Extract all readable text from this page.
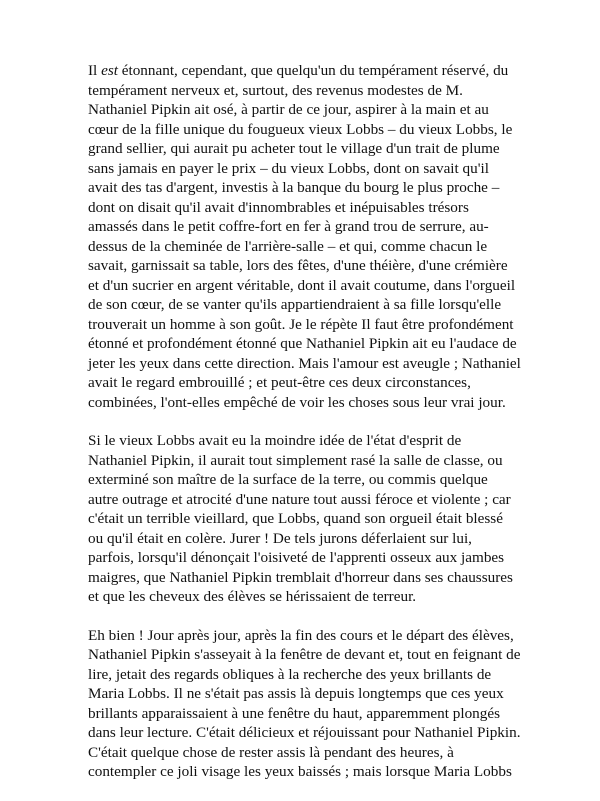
Il est étonnant, cependant, que quelqu'un du tempérament réservé, du
tempérament nerveux et, surtout, des revenus modestes de M.
Nathaniel Pipkin ait osé, à partir de ce jour, aspirer à la main et au
cœur de la fille unique du fougueux vieux Lobbs – du vieux Lobbs, le
grand sellier, qui aurait pu acheter tout le village d'un trait de plume
sans jamais en payer le prix – du vieux Lobbs, dont on savait qu'il
avait des tas d'argent, investis à la banque du bourg le plus proche –
dont on disait qu'il avait d'innombrables et inépuisables trésors
amassés dans le petit coffre-fort en fer à grand trou de serrure, au-
dessus de la cheminée de l'arrière-salle – et qui, comme chacun le
savait, garnissait sa table, lors des fêtes, d'une théière, d'une crémière
et d'un sucrier en argent véritable, dont il avait coutume, dans l'orgueil
de son cœur, de se vanter qu'ils appartiendraient à sa fille lorsqu'elle
trouverait un homme à son goût. Je le répète Il faut être profondément
étonné et profondément étonné que Nathaniel Pipkin ait eu l'audace de
jeter les yeux dans cette direction. Mais l'amour est aveugle ; Nathaniel
avait le regard embrouillé ; et peut-être ces deux circonstances,
combinées, l'ont-elles empêché de voir les choses sous leur vrai jour.

Si le vieux Lobbs avait eu la moindre idée de l'état d'esprit de
Nathaniel Pipkin, il aurait tout simplement rasé la salle de classe, ou
exterminé son maître de la surface de la terre, ou commis quelque
autre outrage et atrocité d'une nature tout aussi féroce et violente ; car
c'était un terrible vieillard, que Lobbs, quand son orgueil était blessé
ou qu'il était en colère. Jurer ! De tels jurons déferlaient sur lui,
parfois, lorsqu'il dénonçait l'oisiveté de l'apprenti osseux aux jambes
maigres, que Nathaniel Pipkin tremblait d'horreur dans ses chaussures
et que les cheveux des élèves se hérissaient de terreur.

Eh bien ! Jour après jour, après la fin des cours et le départ des élèves,
Nathaniel Pipkin s'asseyait à la fenêtre de devant et, tout en feignant de
lire, jetait des regards obliques à la recherche des yeux brillants de
Maria Lobbs. Il ne s'était pas assis là depuis longtemps que ces yeux
brillants apparaissaient à une fenêtre du haut, apparemment plongés
dans leur lecture. C'était délicieux et réjouissant pour Nathaniel Pipkin.
C'était quelque chose de rester assis là pendant des heures, à
contempler ce joli visage les yeux baissés ; mais lorsque Maria Lobbs
